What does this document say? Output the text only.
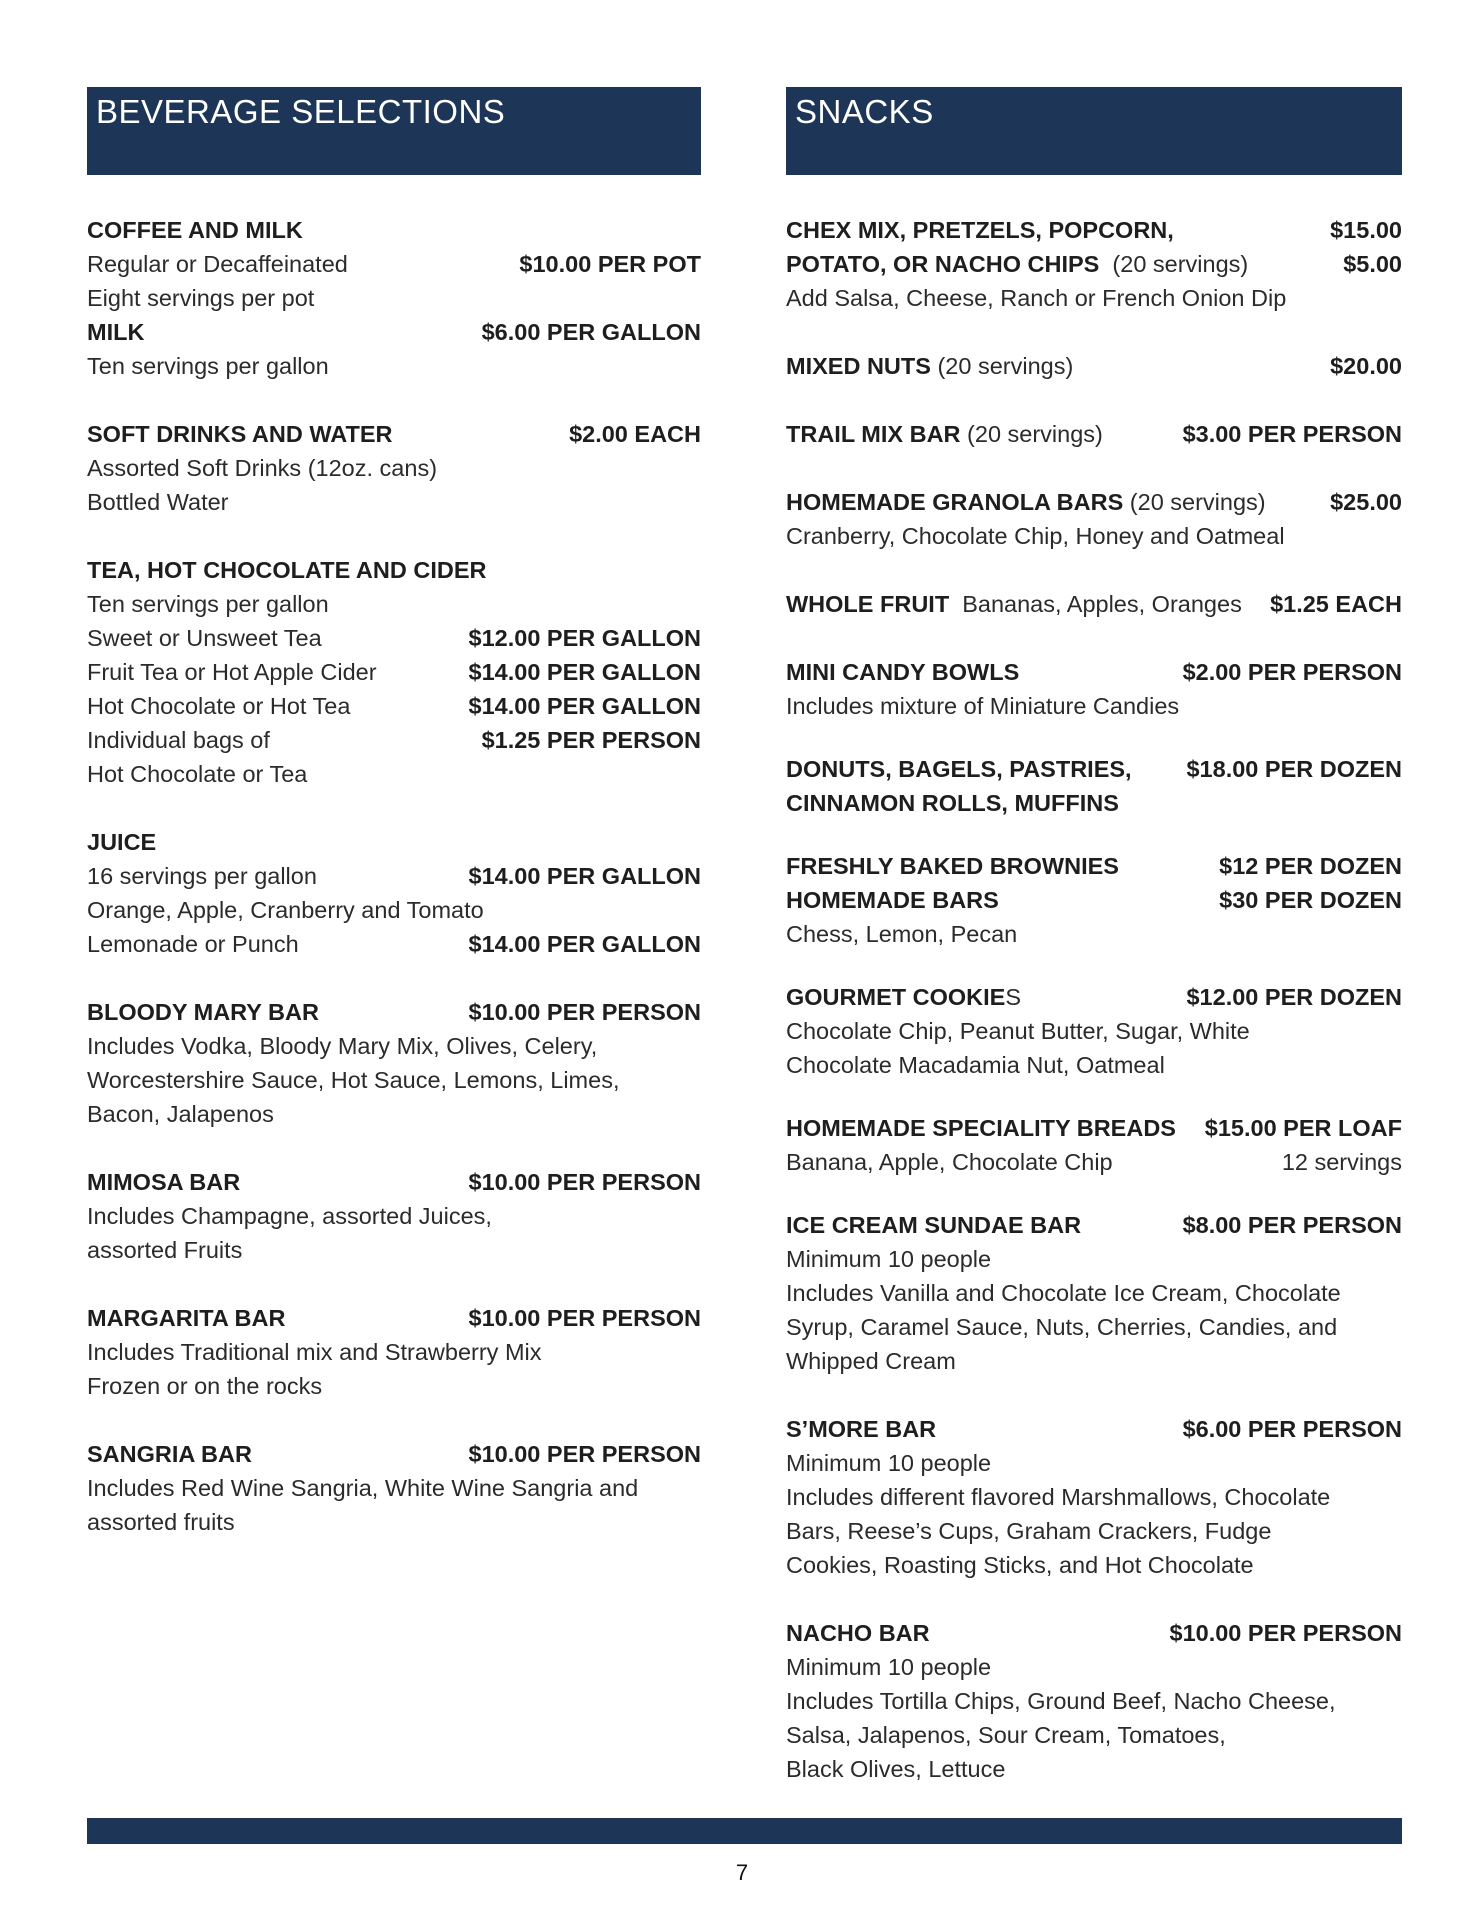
BEVERAGE SELECTIONS
COFFEE AND MILK
Regular or Decaffeinated	$10.00 PER POT
Eight servings per pot
MILK	$6.00 PER GALLON
Ten servings per gallon
SOFT DRINKS AND WATER	$2.00 EACH
Assorted Soft Drinks (12oz. cans)
Bottled Water
TEA, HOT CHOCOLATE AND CIDER
Ten servings per gallon
Sweet or Unsweet Tea	$12.00 PER GALLON
Fruit Tea or Hot Apple Cider	$14.00 PER GALLON
Hot Chocolate or Hot Tea	$14.00 PER GALLON
Individual bags of	$1.25 PER PERSON
Hot Chocolate or Tea
JUICE
16 servings per gallon	$14.00 PER GALLON
Orange, Apple, Cranberry and Tomato
Lemonade or Punch	$14.00 PER GALLON
BLOODY MARY BAR	$10.00 PER PERSON
Includes Vodka, Bloody Mary Mix, Olives, Celery,
Worcestershire Sauce, Hot Sauce, Lemons, Limes,
Bacon, Jalapenos
MIMOSA BAR	$10.00 PER PERSON
Includes Champagne, assorted Juices,
assorted Fruits
MARGARITA BAR	$10.00 PER PERSON
Includes Traditional mix and Strawberry Mix
Frozen or on the rocks
SANGRIA BAR	$10.00 PER PERSON
Includes Red Wine Sangria, White Wine Sangria and
assorted fruits
SNACKS
CHEX MIX, PRETZELS, POPCORN,	$15.00
POTATO, OR NACHO CHIPS (20 servings)	$5.00
Add Salsa, Cheese, Ranch or French Onion Dip
MIXED NUTS (20 servings)	$20.00
TRAIL MIX BAR (20 servings)	$3.00 PER PERSON
HOMEMADE GRANOLA BARS (20 servings)	$25.00
Cranberry, Chocolate Chip, Honey and Oatmeal
WHOLE FRUIT Bananas, Apples, Oranges $1.25 EACH
MINI CANDY BOWLS	$2.00 PER PERSON
Includes mixture of Miniature Candies
DONUTS, BAGELS, PASTRIES, $18.00 PER DOZEN
CINNAMON ROLLS, MUFFINS
FRESHLY BAKED BROWNIES	$12 PER DOZEN
HOMEMADE BARS	$30 PER DOZEN
Chess, Lemon, Pecan
GOURMET COOKIES	$12.00 PER DOZEN
Chocolate Chip, Peanut Butter, Sugar, White
Chocolate Macadamia Nut, Oatmeal
HOMEMADE SPECIALITY BREADS $15.00 PER LOAF
Banana, Apple, Chocolate Chip	12 servings
ICE CREAM SUNDAE BAR	$8.00 PER PERSON
Minimum 10 people
Includes Vanilla and Chocolate Ice Cream, Chocolate
Syrup, Caramel Sauce, Nuts, Cherries, Candies, and
Whipped Cream
S’MORE BAR	$6.00 PER PERSON
Minimum 10 people
Includes different flavored Marshmallows, Chocolate
Bars, Reese’s Cups, Graham Crackers, Fudge
Cookies, Roasting Sticks, and Hot Chocolate
NACHO BAR	$10.00 PER PERSON
Minimum 10 people
Includes Tortilla Chips, Ground Beef, Nacho Cheese,
Salsa, Jalapenos, Sour Cream, Tomatoes,
Black Olives, Lettuce
7
